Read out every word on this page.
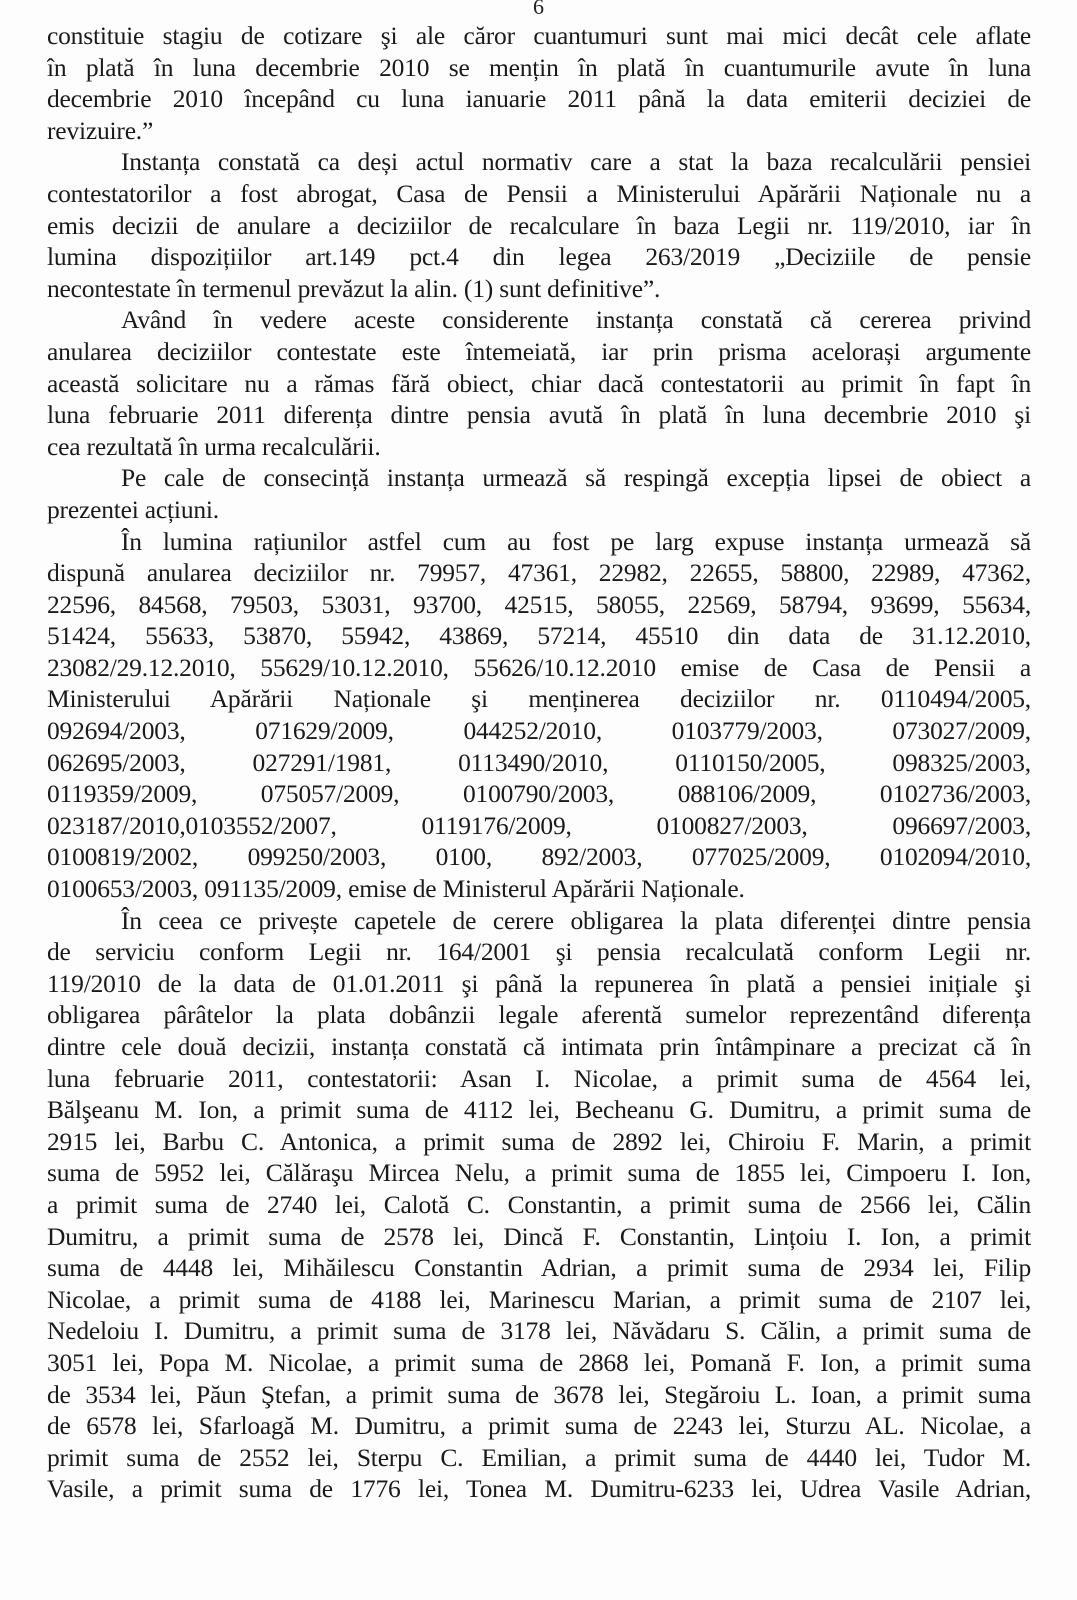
6
constituie stagiu de cotizare şi ale căror cuantumuri sunt mai mici decât cele aflate
în plată în luna decembrie 2010 se mențin în plată în cuantumurile avute în luna
decembrie 2010 începând cu luna ianuarie 2011 până la data emiterii deciziei de
revizuire.”
Instanța constată ca deși actul normativ care a stat la baza recalculării pensiei
contestatorilor a fost abrogat, Casa de Pensii a Ministerului Apărării Naționale nu a
emis decizii de anulare a deciziilor de recalculare în baza Legii nr. 119/2010, iar în
lumina dispozițiilor art.149 pct.4 din legea 263/2019 „Deciziile de pensie
necontestate în termenul prevăzut la alin. (1) sunt definitive”.
Având în vedere aceste considerente instanța constată că cererea privind
anularea deciziilor contestate este întemeiată, iar prin prisma acelorași argumente
această solicitare nu a rămas fără obiect, chiar dacă contestatorii au primit în fapt în
luna februarie 2011 diferența dintre pensia avută în plată în luna decembrie 2010 şi
cea rezultată în urma recalculării.
Pe cale de consecință instanța urmează să respingă excepția lipsei de obiect a
prezentei acțiuni.
În lumina rațiunilor astfel cum au fost pe larg expuse instanța urmează să
dispună anularea deciziilor nr. 79957, 47361, 22982, 22655, 58800, 22989, 47362,
22596, 84568, 79503, 53031, 93700, 42515, 58055, 22569, 58794, 93699, 55634,
51424, 55633, 53870, 55942, 43869, 57214, 45510 din data de 31.12.2010,
23082/29.12.2010, 55629/10.12.2010, 55626/10.12.2010 emise de Casa de Pensii a
Ministerului Apărării Naționale şi menținerea deciziilor nr. 0110494/2005,
092694/2003, 071629/2009, 044252/2010, 0103779/2003, 073027/2009,
062695/2003, 027291/1981, 0113490/2010, 0110150/2005, 098325/2003,
0119359/2009, 075057/2009, 0100790/2003, 088106/2009, 0102736/2003,
023187/2010,0103552/2007, 0119176/2009, 0100827/2003, 096697/2003,
0100819/2002, 099250/2003, 0100, 892/2003, 077025/2009, 0102094/2010,
0100653/2003, 091135/2009, emise de Ministerul Apărării Naționale.
În ceea ce privește capetele de cerere obligarea la plata diferenței dintre pensia
de serviciu conform Legii nr. 164/2001 şi pensia recalculată conform Legii nr.
119/2010 de la data de 01.01.2011 şi până la repunerea în plată a pensiei inițiale şi
obligarea pârâtelor la plata dobânzii legale aferentă sumelor reprezentând diferența
dintre cele două decizii, instanța constată că intimata prin întâmpinare a precizat că în
luna februarie 2011, contestatorii: Asan I. Nicolae, a primit suma de 4564 lei,
Bălşeanu M. Ion, a primit suma de 4112 lei, Becheanu G. Dumitru, a primit suma de
2915 lei, Barbu C. Antonica, a primit suma de 2892 lei, Chiroiu F. Marin, a primit
suma de 5952 lei, Călăraşu Mircea Nelu, a primit suma de 1855 lei, Cimpoeru I. Ion,
a primit suma de 2740 lei, Calotă C. Constantin, a primit suma de 2566 lei, Călin
Dumitru, a primit suma de 2578 lei, Dincă F. Constantin, Lințoiu I. Ion, a primit
suma de 4448 lei, Mihăilescu Constantin Adrian, a primit suma de 2934 lei, Filip
Nicolae, a primit suma de 4188 lei, Marinescu Marian, a primit suma de 2107 lei,
Nedeloiu I. Dumitru, a primit suma de 3178 lei, Năvădaru S. Călin, a primit suma de
3051 lei, Popa M. Nicolae, a primit suma de 2868 lei, Pomană F. Ion, a primit suma
de 3534 lei, Păun Ştefan, a primit suma de 3678 lei, Stegăroiu L. Ioan, a primit suma
de 6578 lei, Sfarloagă M. Dumitru, a primit suma de 2243 lei, Sturzu AL. Nicolae, a
primit suma de 2552 lei, Sterpu C. Emilian, a primit suma de 4440 lei, Tudor M.
Vasile, a primit suma de 1776 lei, Tonea M. Dumitru-6233 lei, Udrea Vasile Adrian,
